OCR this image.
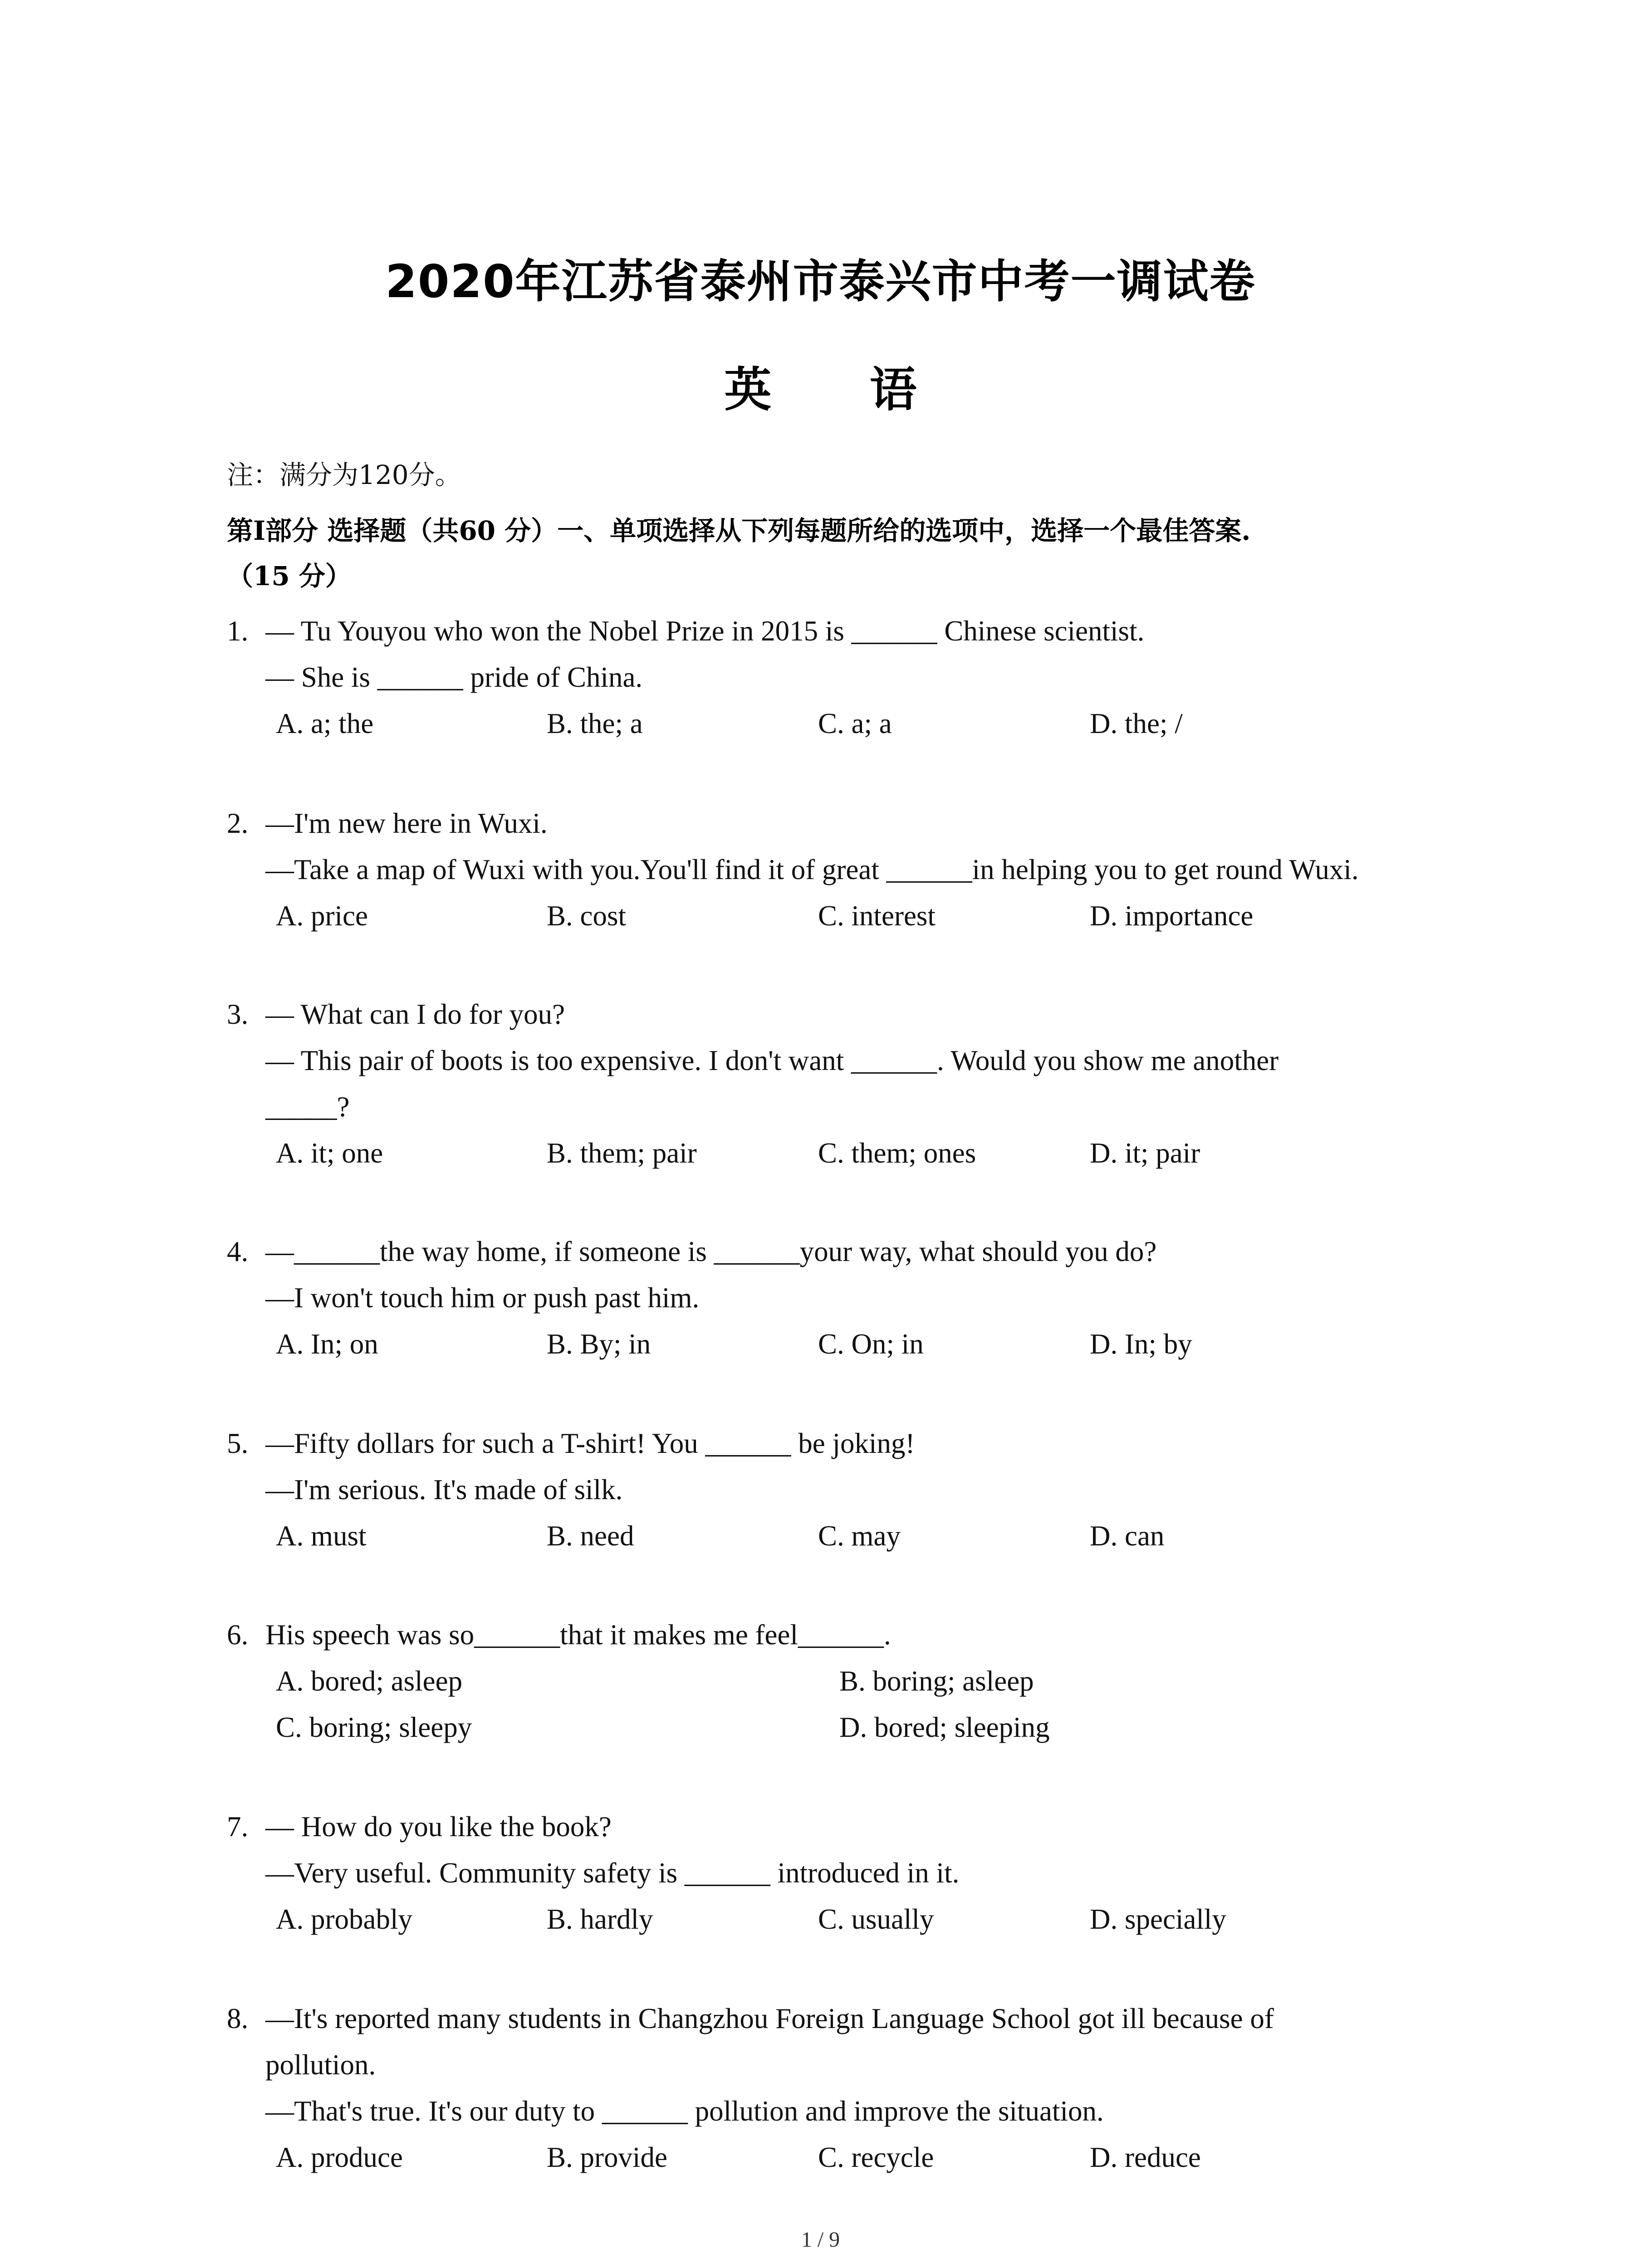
2020年江苏省泰州市泰兴市中考一调试卷
英 语
注：满分为120分。
第Ⅰ部分 选择题（共60 分）一、单项选择从下列每题所给的选项中，选择一个最佳答案.
（15 分）
1. — Tu Youyou who won the Nobel Prize in 2015 is ______ Chinese scientist.
— She is ______ pride of China.
A. a; the	B. the; a	C. a; a	D. the; /
2. —I'm new here in Wuxi.
—Take a map of Wuxi with you.You'll find it of great ______in helping you to get round Wuxi.
A. price	B. cost	C. interest	D. importance
3. — What can I do for you?
— This pair of boots is too expensive. I don't want ______. Would you show me another
_____?
A. it; one	B. them; pair	C. them; ones	D. it; pair
4. —______the way home, if someone is ______your way, what should you do?
—I won't touch him or push past him.
A. In; on	B. By; in	C. On; in	D. In; by
5. —Fifty dollars for such a T-shirt! You ______ be joking!
—I'm serious. It's made of silk.
A. must	B. need	C. may	D. can
6. His speech was so______that it makes me feel______.
A. bored; asleep	B. boring; asleep
C. boring; sleepy	D. bored; sleeping
7. — How do you like the book?
—Very useful. Community safety is ______ introduced in it.
A. probably	B. hardly	C. usually	D. specially
8. —It's reported many students in Changzhou Foreign Language School got ill because of
pollution.
—That's true. It's our duty to ______ pollution and improve the situation.
A. produce	B. provide	C. recycle	D. reduce
1 / 9
